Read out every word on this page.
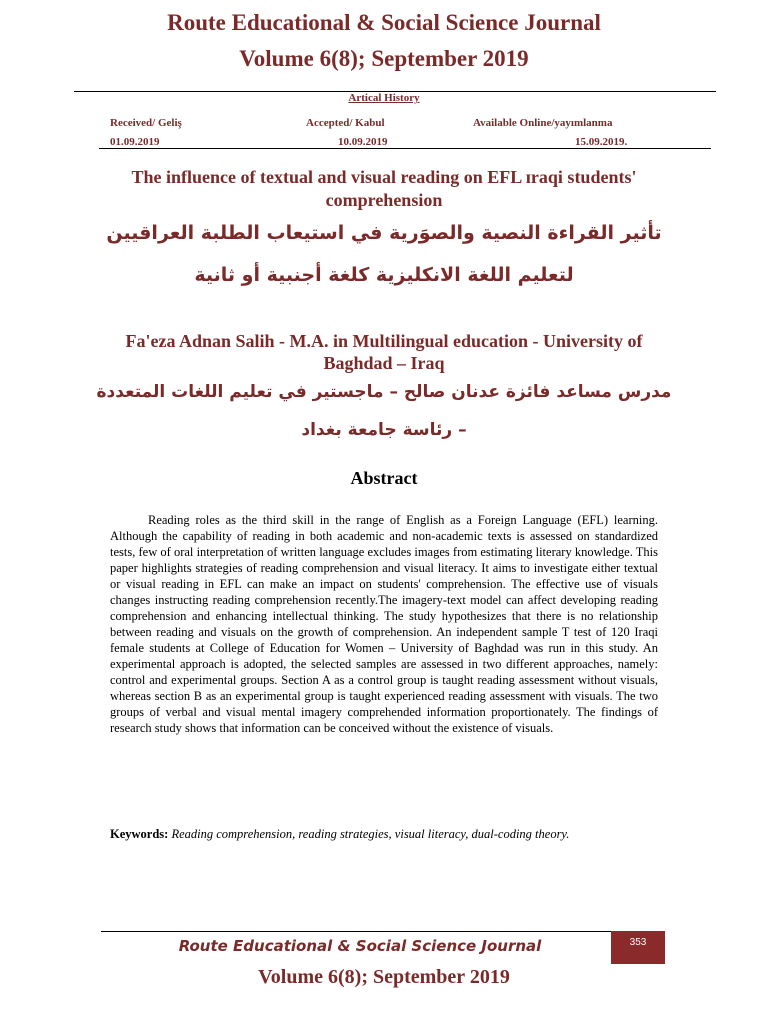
Route Educational & Social Science Journal
Volume 6(8); September 2019
Artical History
Received/ Geliş	Accepted/ Kabul	Available Online/yayımlanma
01.09.2019	10.09.2019	15.09.2019.
The influence of textual and visual reading on EFL ɪraqi students' comprehension
تأثير القراءة النصية والصوَرية في استيعاب الطلبة العراقيين لتعليم اللغة الانكليزية كلغة أجنبية أو ثانية
Fa'eza Adnan Salih - M.A. in Multilingual education - University of Baghdad – Iraq
مدرس مساعد فائزة عدنان صالح – ماجستير في تعليم اللغات المتعددة – رئاسة جامعة بغداد
Abstract
Reading roles as the third skill in the range of English as a Foreign Language (EFL) learning. Although the capability of reading in both academic and non-academic texts is assessed on standardized tests, few of oral interpretation of written language excludes images from estimating literary knowledge. This paper highlights strategies of reading comprehension and visual literacy. It aims to investigate either textual or visual reading in EFL can make an impact on students' comprehension. The effective use of visuals changes instructing reading comprehension recently.The imagery-text model can affect developing reading comprehension and enhancing intellectual thinking. The study hypothesizes that there is no relationship between reading and visuals on the growth of comprehension. An independent sample T test of 120 Iraqi female students at College of Education for Women – University of Baghdad was run in this study. An experimental approach is adopted, the selected samples are assessed in two different approaches, namely: control and experimental groups. Section A as a control group is taught reading assessment without visuals, whereas section B as an experimental group is taught experienced reading assessment with visuals. The two groups of verbal and visual mental imagery comprehended information proportionately. The findings of research study shows that information can be conceived without the existence of visuals.
Keywords: Reading comprehension, reading strategies, visual literacy, dual-coding theory.
Route Educational & Social Science Journal	353
Volume 6(8); September 2019
